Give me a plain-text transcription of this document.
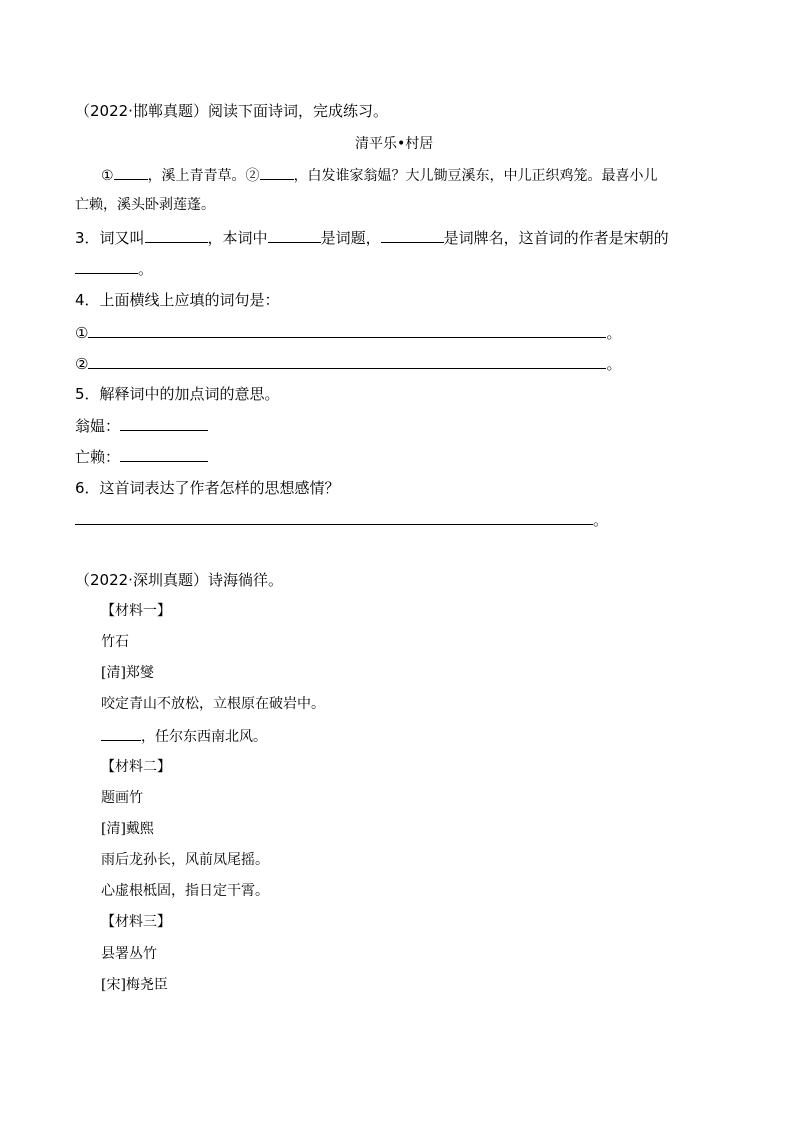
（2022·邯郸真题）阅读下面诗词，完成练习。
清平乐•村居
① ，溪上青青草。② ，白发谁家翁媪？大儿锄豆溪东，中儿正织鸡笼。最喜小儿
亡赖，溪头卧剥莲蓬。
3．词又叫	，本词中	是词题，	是词牌名，这首词的作者是宋朝的
。
4．上面横线上应填的词句是：
①	。
②	。
5．解释词中的加点词的意思。
翁媪：
亡赖：
6．这首词表达了作者怎样的思想感情？
。
（2022·深圳真题）诗海徜徉。
【材料一】
竹石
[清]郑燮
咬定青山不放松，立根原在破岩中。
，任尔东西南北风。
【材料二】
题画竹
[清]戴熙
雨后龙孙长，风前凤尾摇。
心虚根柢固，指日定干霄。
【材料三】
县署丛竹
[宋]梅尧臣
